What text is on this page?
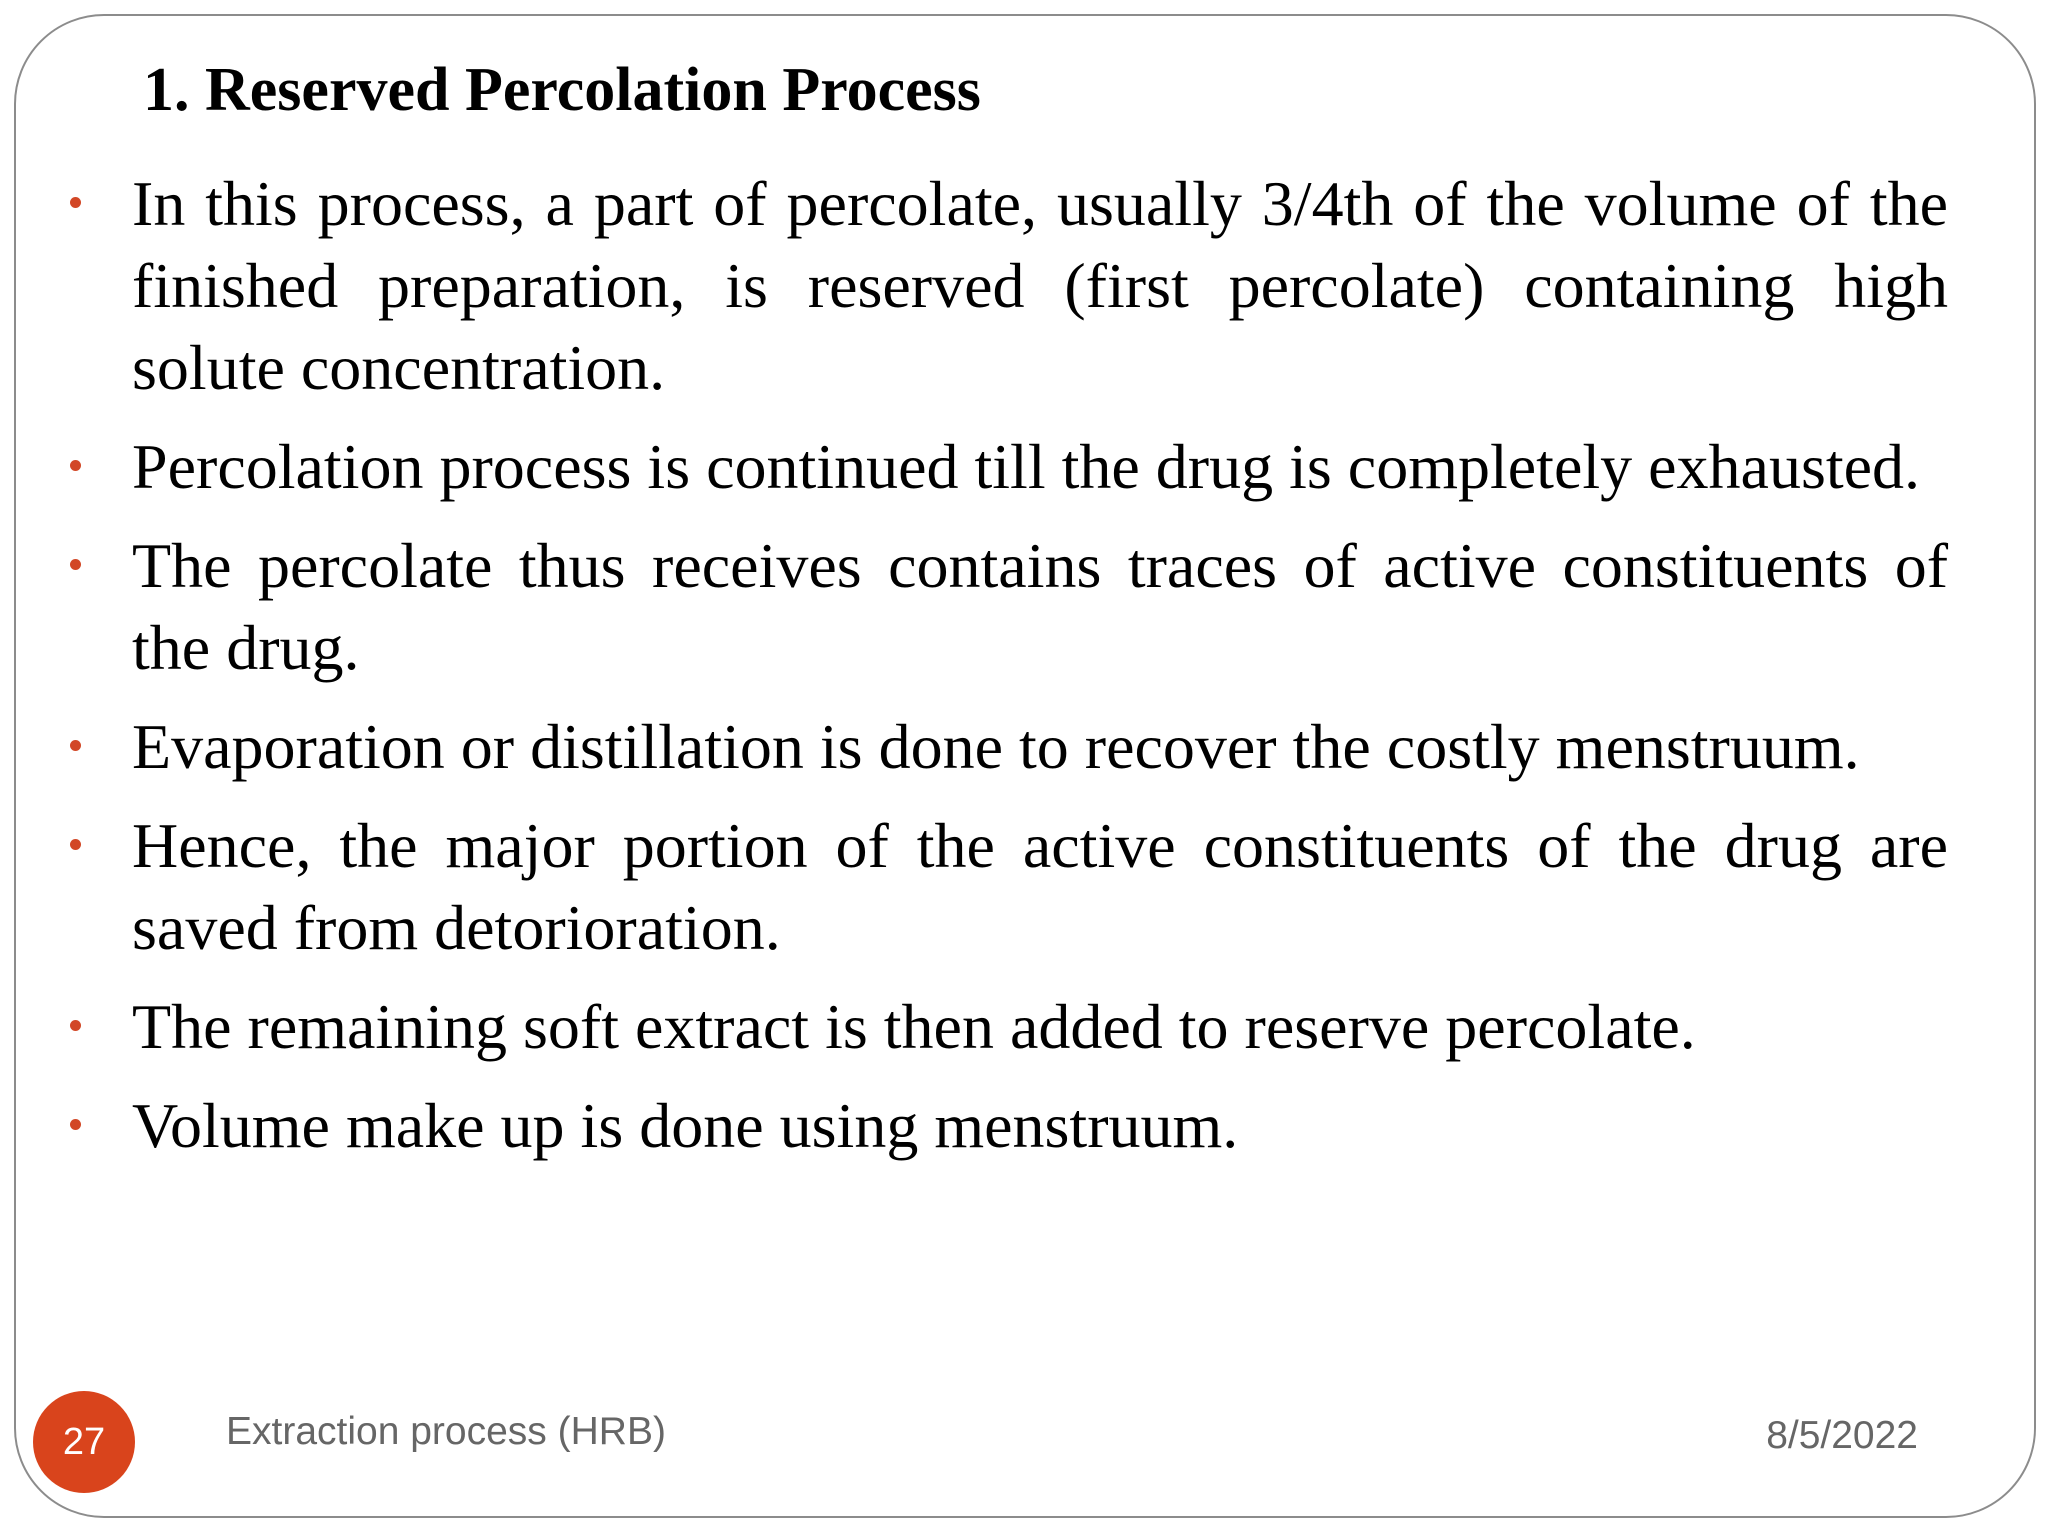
1. Reserved Percolation Process
In this process, a part of percolate, usually 3/4th of the volume of the finished preparation, is reserved (first percolate) containing high solute concentration.
Percolation process is continued till the drug is completely exhausted.
The percolate thus receives contains traces of active constituents of the drug.
Evaporation or distillation is done to recover the costly menstruum.
Hence, the major portion of the active constituents of the drug are saved from detorioration.
The remaining soft extract is then added to reserve percolate.
Volume make up is done using menstruum.
27	Extraction process (HRB)	8/5/2022
